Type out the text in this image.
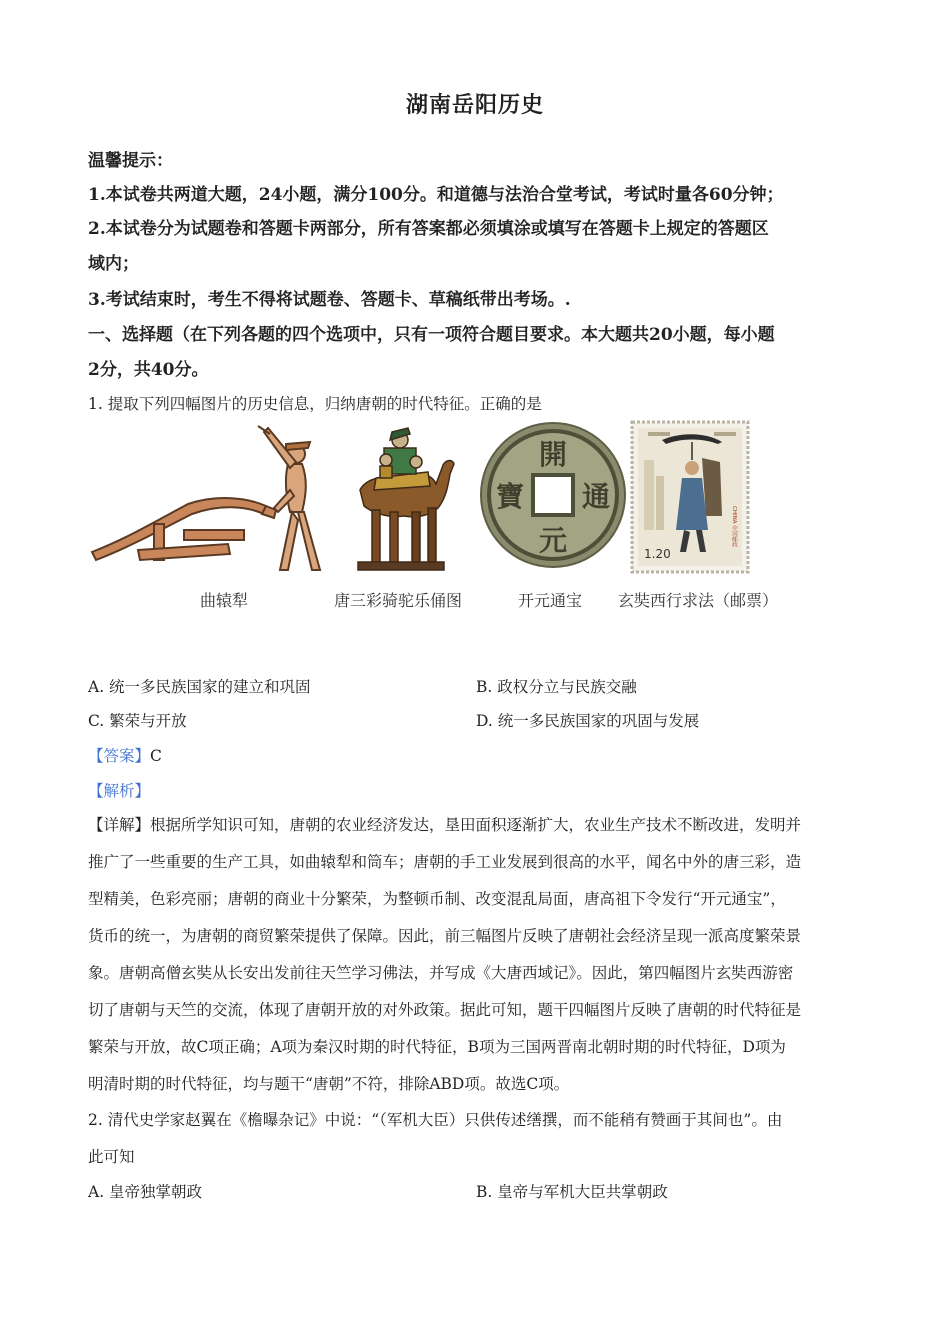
湖南岳阳历史
温馨提示：
1.本试卷共两道大题，24小题，满分100分。和道德与法治合堂考试，考试时量各60分钟；
2.本试卷分为试题卷和答题卡两部分，所有答案都必须填涂或填写在答题卡上规定的答题区
域内；
3.考试结束时，考生不得将试题卷、答题卡、草稿纸带出考场。.
一、选择题（在下列各题的四个选项中，只有一项符合题目要求。本大题共20小题，每小题
2分，共40分。
1. 提取下列四幅图片的历史信息，归纳唐朝的时代特征。正确的是
開
元
通
寶
1.20
CHINA 中国邮政
曲辕犁	唐三彩骑驼乐俑图	开元通宝 玄奘西行求法（邮票）
A. 统一多民族国家的建立和巩固	B. 政权分立与民族交融
C. 繁荣与开放	D. 统一多民族国家的巩固与发展
【答案】C
【解析】
【详解】根据所学知识可知，唐朝的农业经济发达，垦田面积逐渐扩大，农业生产技术不断改进，发明并
推广了一些重要的生产工具，如曲辕犁和筒车；唐朝的手工业发展到很高的水平，闻名中外的唐三彩，造
型精美，色彩亮丽；唐朝的商业十分繁荣，为整顿币制、改变混乱局面，唐高祖下令发行“开元通宝”，
货币的统一，为唐朝的商贸繁荣提供了保障。因此，前三幅图片反映了唐朝社会经济呈现一派高度繁荣景
象。唐朝高僧玄奘从长安出发前往天竺学习佛法，并写成《大唐西域记》。因此，第四幅图片玄奘西游密
切了唐朝与天竺的交流，体现了唐朝开放的对外政策。据此可知，题干四幅图片反映了唐朝的时代特征是
繁荣与开放，故C项正确；A项为秦汉时期的时代特征，B项为三国两晋南北朝时期的时代特征，D项为
明清时期的时代特征，均与题干“唐朝”不符，排除ABD项。故选C项。
2. 清代史学家赵翼在《檐曝杂记》中说：“（军机大臣）只供传述缮撰，而不能稍有赞画于其间也”。由
此可知
A. 皇帝独掌朝政	B. 皇帝与军机大臣共掌朝政
